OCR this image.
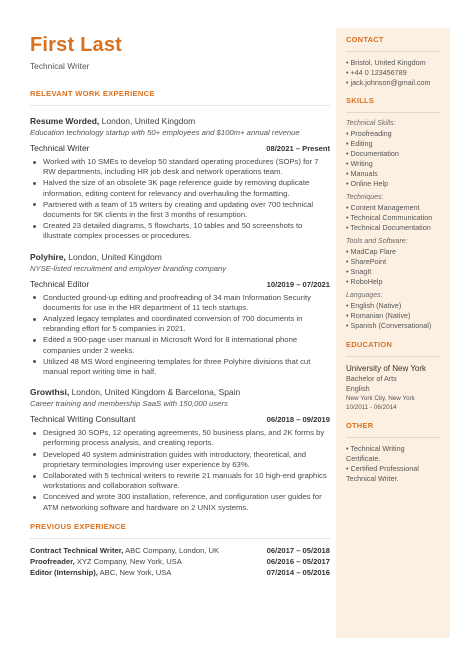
First Last
Technical Writer
RELEVANT WORK EXPERIENCE
Resume Worded, London, United Kingdom
Education technology startup with 50+ employees and $100m+ annual revenue
Technical Writer	08/2021 – Present
Worked with 10 SMEs to develop 50 standard operating procedures (SOPs) for 7 RW departments, including HR job desk and network operations team.
Halved the size of an obsolete 3K page reference guide by removing duplicate information, editing content for relevancy and overhauling the formatting.
Partnered with a team of 15 writers by creating and updating over 700 technical documents for 5K clients in the first 3 months of resumption.
Created 23 detailed diagrams, 5 flowcharts, 10 tables and 50 screenshots to illustrate complex processes or procedures.
Polyhire, London, United Kingdom
NYSE-listed recruitment and employer branding company
Technical Editor	10/2019 – 07/2021
Conducted ground-up editing and proofreading of 34 main Information Security documents for use in the HR department of 11 tech startups.
Analyzed legacy templates and coordinated conversion of 700 documents in rebranding effort for 5 companies in 2021.
Edited a 900-page user manual in Microsoft Word for 8 international phone companies under 2 weeks.
Utilized 48 MS Word engineering templates for three Polyhire divisions that cut manual report writing time in half.
Growthsi, London, United Kingdom & Barcelona, Spain
Career training and membership SaaS with 150,000 users
Technical Writing Consultant	06/2018 – 09/2019
Designed 30 SOPs, 12 operating agreements, 50 business plans, and 2K forms by performing process analysis, and creating reports.
Developed 40 system administration guides with introductory, theoretical, and proprietary terminologies improving user experience by 63%.
Collaborated with 5 technical writers to rewrite 21 manuals for 10 high-end graphics workstations and collaboration software.
Conceived and wrote 300 installation, reference, and configuration user guides for ATM networking software and hardware on 2 UNIX systems.
PREVIOUS EXPERIENCE
Contract Technical Writer, ABC Company, London, UK	06/2017 – 05/2018
Proofreader, XYZ Company, New York, USA	06/2016 – 05/2017
Editor (Internship), ABC, New York, USA	07/2014 – 05/2016
CONTACT
• Bristol, United Kingdom
• +44 0 123456789
• jack.johnson@gmail.com
SKILLS
Technical Skills:
• Proofreading
• Editing
• Documentation
• Writing
• Manuals
• Online Help
Techniques:
• Content Management
• Technical Communication
• Technical Documentation
Tools and Software:
• MadCap Flare
• SharePoint
• SnagIt
• RoboHelp
Languages:
• English (Native)
• Romanian (Native)
• Spanish (Conversational)
EDUCATION
University of New York
Bachelor of Arts
English
New York City, New York
10/2011 - 06/2014
OTHER
• Technical Writing Certificate.
• Certified Professional
Technical Writer.
